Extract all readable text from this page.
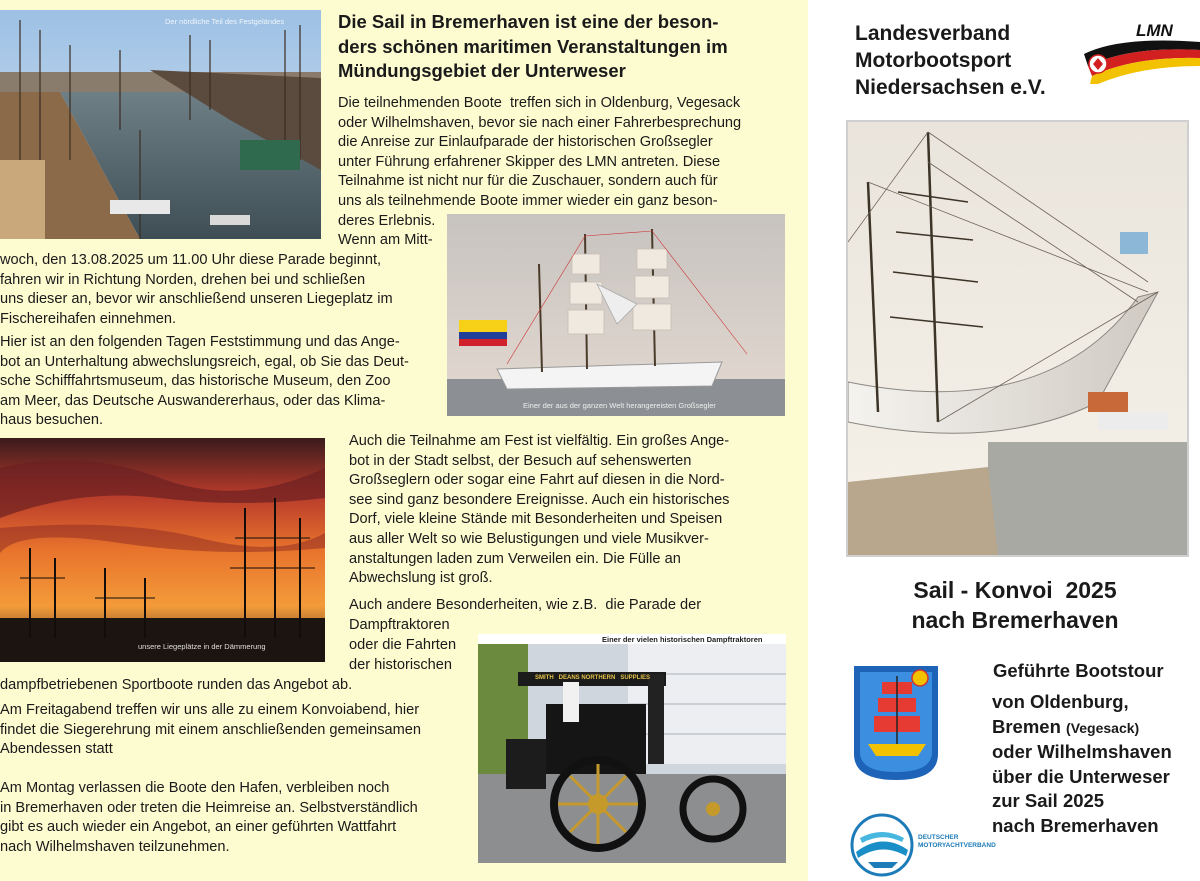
Der nördliche Teil des Festgeländes	Die Sail in Bremerhaven ist eine der beson-
ders schönen maritimen Veranstaltungen im
Mündungsgebiet der Unterweser

Die teilnehmenden Boote  treffen sich in Oldenburg, Vegesack
oder Wilhelmshaven, bevor sie nach einer Fahrerbesprechung
die Anreise zur Einlaufparade der historischen Großsegler
unter Führung erfahrener Skipper des LMN antreten. Diese
Teilnahme ist nicht nur für die Zuschauer, sondern auch für
uns als teilnehmende Boote immer wieder ein ganz beson-
deres Erlebnis.

Wenn am Mitt-

woch, den 13.08.2025 um 11.00 Uhr diese Parade beginnt,
fahren wir in Richtung Norden, drehen bei und schließen
uns dieser an, bevor wir anschließend unseren Liegeplatz im
Fischereihafen einnehmen.

Einer der aus der ganzen Welt herangereisten Großsegler

Hier ist an den folgenden Tagen Feststimmung und das Ange-
bot an Unterhaltung abwechslungsreich, egal, ob Sie das Deut-
sche Schifffahrtsmuseum, das historische Museum, den Zoo
am Meer, das Deutsche Auswandererhaus, oder das Klima-
haus besuchen.

unsere Liegeplätze in der Dämmerung

Auch die Teilnahme am Fest ist vielfältig. Ein großes Ange-
bot in der Stadt selbst, der Besuch auf sehenswerten
Großseglern oder sogar eine Fahrt auf diesen in die Nord-
see sind ganz besondere Ereignisse. Auch ein historisches
Dorf, viele kleine Stände mit Besonderheiten und Speisen
aus aller Welt so wie Belustigungen und viele Musikver-
anstaltungen laden zum Verweilen ein. Die Fülle an
Abwechslung ist groß.

Auch andere Besonderheiten, wie z.B.  die Parade der
Dampftraktoren

oder die Fahrten
der historischen

dampfbetriebenen Sportboote runden das Angebot ab.

Einer der vielen historischen Dampftraktoren
SMITH   DEANS NORTHERN   SUPPLIES

Am Freitagabend treffen wir uns alle zu einem Konvoiabend, hier
findet die Siegerehrung mit einem anschließenden gemeinsamen
Abendessen statt

Am Montag verlassen die Boote den Hafen, verbleiben noch
in Bremerhaven oder treten die Heimreise an. Selbstverständlich
gibt es auch wieder ein Angebot, an einer geführten Wattfahrt
nach Wilhelmshaven teilzunehmen.

Landesverband
Motorbootsport
Niedersachsen e.V.
LMN
Sail - Konvoi  2025
nach Bremerhaven
Geführte Bootstour
von Oldenburg,
Bremen (Vegesack)
oder Wilhelmshaven
über die Unterweser
zur Sail 2025
nach Bremerhaven
DEUTSCHER
MOTORYACHTVERBAND
